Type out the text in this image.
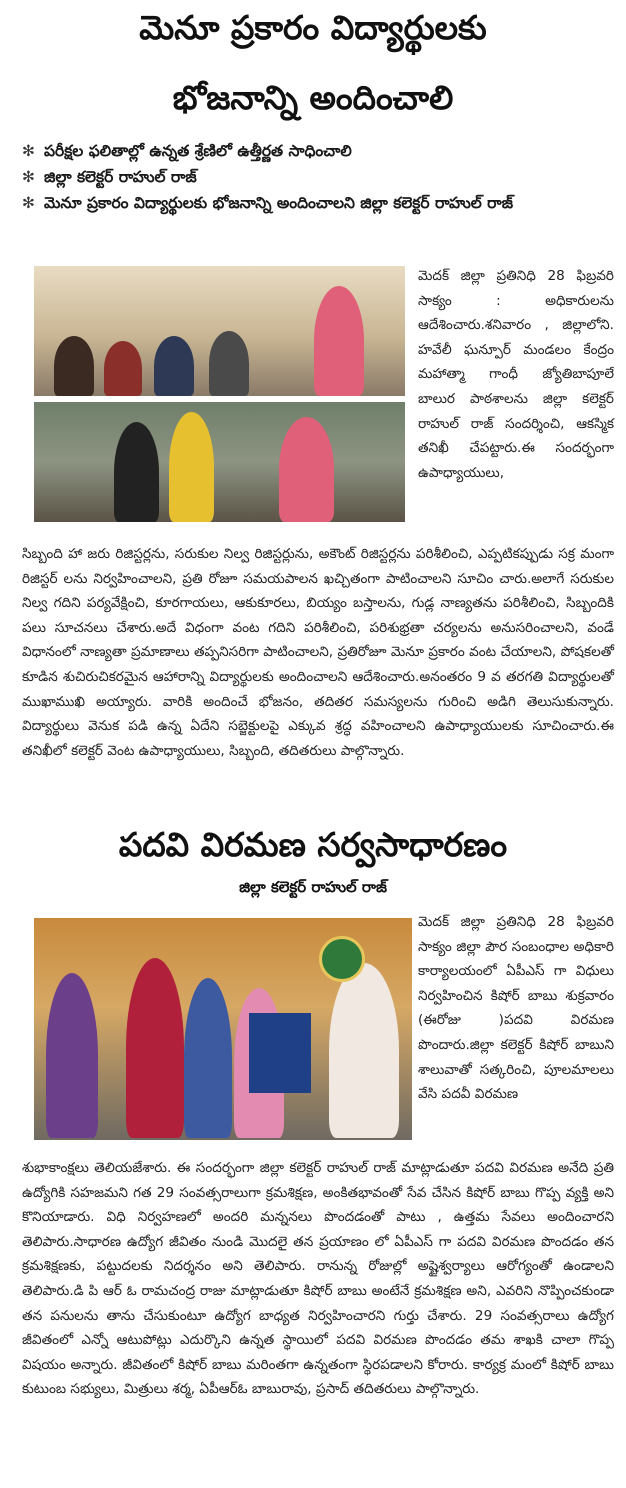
మెనూ ప్రకారం విద్యార్థులకు
భోజనాన్ని అందించాలి
✻ పరీక్షల ఫలితాల్లో ఉన్నత శ్రేణిలో ఉత్తీర్ణత సాధించాలి
✻ జిల్లా కలెక్టర్ రాహుల్ రాజ్
✻ మెనూ ప్రకారం విద్యార్థులకు భోజనాన్ని అందించాలని జిల్లా కలెక్టర్ రాహుల్ రాజ్
మెదక్ జిల్లా ప్రతినిధి 28 ఫిబ్రవరి సాక్యం : అధికారులను ఆదేశించారు.శనివారం , జిల్లాలోని. హవేలీ ఘన్పూర్ మండలం కేంద్రం మహాత్మా గాంధీ జ్యోతిబాపూలే బాలుర పాఠశాలను జిల్లా కలెక్టర్ రాహుల్ రాజ్ సందర్శించి, ఆకస్మిక తనిఖీ చేపట్టారు.ఈ సందర్భంగా ఉపాధ్యాయులు,
సిబ్బంది హా జరు రిజిస్టర్లను, సరుకుల నిల్వ రిజిస్టర్లును, అకౌంట్ రిజిస్టర్లను పరిశీలించి, ఎప్పటికప్పుడు సక్ర మంగా రిజిస్టర్ లను నిర్వహించాలని, ప్రతి రోజూ సమయపాలన ఖచ్చితంగా పాటించాలని సూచిం చారు.అలాగే సరుకుల నిల్వ గదిని పర్యవేక్షించి, కూరగాయలు, ఆకుకూరలు, బియ్యం బస్తాలను, గుడ్ల నాణ్యతను పరిశీలించి, సిబ్బందికి పలు సూచనలు చేశారు.అదే విధంగా వంట గదిని పరిశీలించి, పరిశుభ్రతా చర్యలను అనుసరించాలని, వండే విధానంలో నాణ్యతా ప్రమాణాలు తప్పనిసరిగా పాటించాలని, ప్రతిరోజూ మెనూ ప్రకారం వంట చేయాలని, పోషకలతో కూడిన శుచిరుచికరమైన ఆహారాన్ని విద్యార్థులకు అందించాలని ఆదేశించారు.అనంతరం 9 వ తరగతి విద్యార్థులతో ముఖాముఖి అయ్యారు. వారికి అందించే భోజనం, తదితర సమస్యలను గురించి అడిగి తెలుసుకున్నారు. విద్యార్థులు వెనుక పడి ఉన్న ఏదేని సబ్జెక్టులపై ఎక్కువ శ్రద్ధ వహించాలని ఉపాధ్యాయులకు సూచించారు.ఈ తనిఖీలో కలెక్టర్ వెంట ఉపాధ్యాయులు, సిబ్బంది, తదితరులు పాల్గొన్నారు.
పదవి విరమణ సర్వసాధారణం
జిల్లా కలెక్టర్ రాహుల్ రాజ్
మెదక్ జిల్లా ప్రతినిధి 28 ఫిబ్రవరి సాక్యం జిల్లా పౌర సంబంధాల అధికారి కార్యాలయంలో ఏపీఎస్ గా విధులు నిర్వహించిన కిషోర్ బాబు శుక్రవారం (ఈరోజు )పదవి విరమణ పొందారు.జిల్లా కలెక్టర్ కిషోర్ బాబుని శాలువాతో సత్కరించి, పూలమాలలు వేసి పదవీ విరమణ
శుభాకాంక్షలు తెలియజేశారు. ఈ సందర్భంగా జిల్లా కలెక్టర్ రాహుల్ రాజ్ మాట్లాడుతూ పదవి విరమణ అనేది ప్రతి ఉద్యోగికి సహజమని గత 29 సంవత్సరాలుగా క్రమశిక్షణ, అంకితభావంతో సేవ చేసిన కిషోర్ బాబు గొప్ప వ్యక్తి అని కొనియాడారు. విధి నిర్వహణలో అందరి మన్ననలు పొందడంతో పాటు , ఉత్తమ సేవలు అందించారని తెలిపారు.సాధారణ ఉద్యోగ జీవితం నుండి మొదలై తన ప్రయాణం లో ఏపీఎస్ గా పదవి విరమణ పొందడం తన క్రమశిక్షణకు, పట్టుదలకు నిదర్శనం అని తెలిపారు. రానున్న రోజుల్లో అష్టైశ్వర్యాలు ఆరోగ్యంతో ఉండాలని తెలిపారు.డి పి ఆర్ ఓ రామచంద్ర రాజు మాట్లాడుతూ కిషోర్ బాబు అంటేనే క్రమశిక్షణ అని, ఎవరిని నొప్పించకుండా తన పనులను తాను చేసుకుంటూ ఉద్యోగ బాధ్యత నిర్వహించారని గుర్తు చేశారు. 29 సంవత్సరాలు ఉద్యోగ జీవితంలో ఎన్నో ఆటుపోట్లు ఎదుర్కొని ఉన్నత స్థాయిలో పదవి విరమణ పొందడం తమ శాఖకి చాలా గొప్ప విషయం అన్నారు. జీవితంలో కిషోర్ బాబు మరింతగా ఉన్నతంగా స్థిరపడాలని కోరారు. కార్యక్ర మంలో కిషోర్ బాబు కుటుంబ సభ్యులు, మిత్రులు శర్మ, ఏపీఆర్ఓ బాబురావు, ప్రసాద్ తదితరులు పాల్గొన్నారు.
